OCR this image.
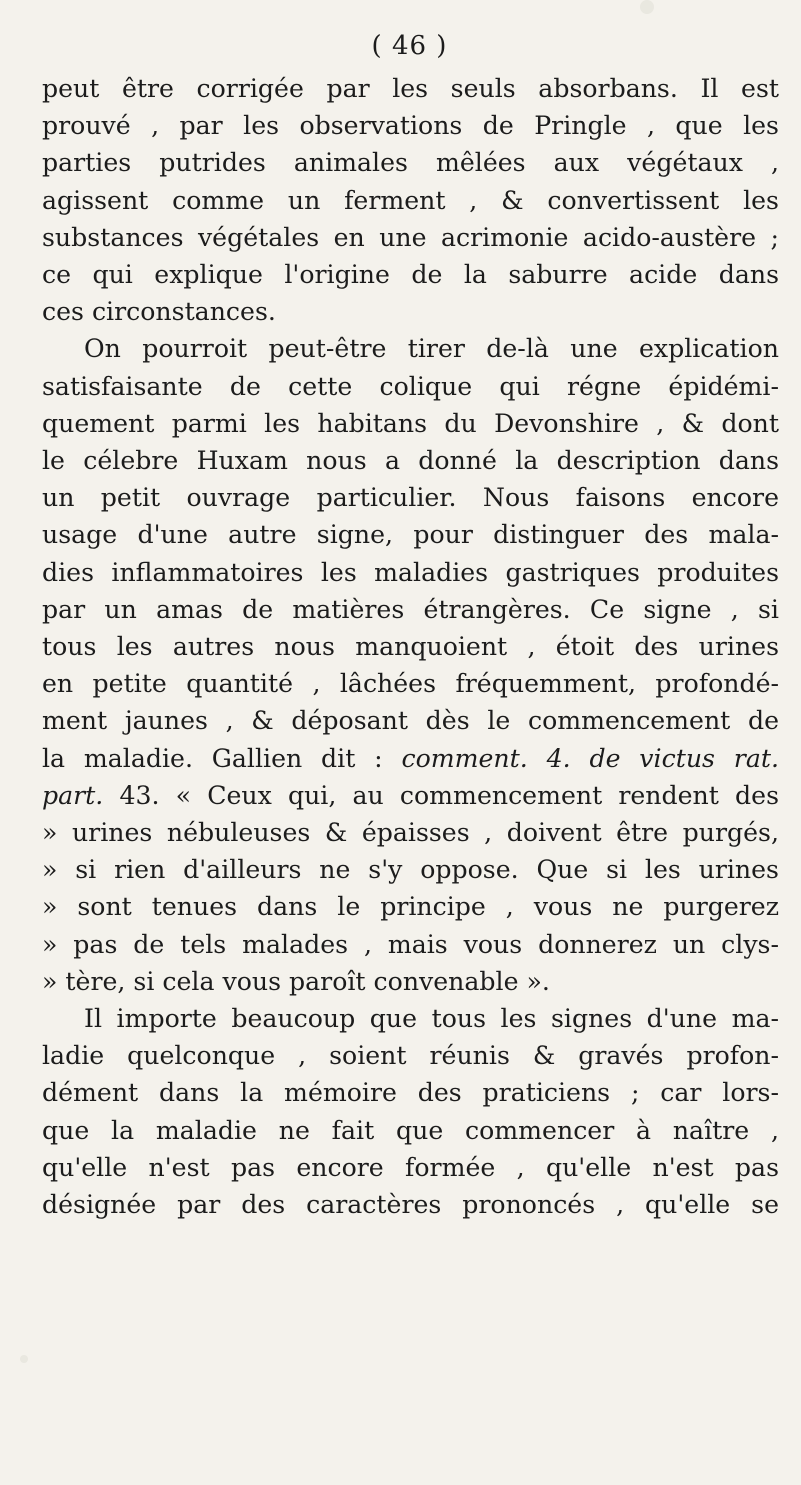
( 46 )
peut être corrigée par les seuls absorbans. Il est
prouvé , par les observations de Pringle , que les
parties putrides animales mêlées aux végétaux ,
agissent comme un ferment , & convertissent les
substances végétales en une acrimonie acido-austère ;
ce qui explique l'origine de la saburre acide dans
ces circonstances.
On pourroit peut-être tirer de-là une explication
satisfaisante de cette colique qui régne épidémi-
quement parmi les habitans du Devonshire , & dont
le célebre Huxam nous a donné la description dans
un petit ouvrage particulier. Nous faisons encore
usage d'une autre signe, pour distinguer des mala-
dies inflammatoires les maladies gastriques produites
par un amas de matières étrangères. Ce signe , si
tous les autres nous manquoient , étoit des urines
en petite quantité , lâchées fréquemment, profondé-
ment jaunes , & déposant dès le commencement de
la maladie. Gallien dit : comment. 4. de victus rat.
part. 43. « Ceux qui, au commencement rendent des
» urines nébuleuses & épaisses , doivent être purgés,
» si rien d'ailleurs ne s'y oppose. Que si les urines
» sont tenues dans le principe , vous ne purgerez
» pas de tels malades , mais vous donnerez un clys-
» tère, si cela vous paroît convenable ».
Il importe beaucoup que tous les signes d'une ma-
ladie quelconque , soient réunis & gravés profon-
dément dans la mémoire des praticiens ; car lors-
que la maladie ne fait que commencer à naître ,
qu'elle n'est pas encore formée , qu'elle n'est pas
désignée par des caractères prononcés , qu'elle se
